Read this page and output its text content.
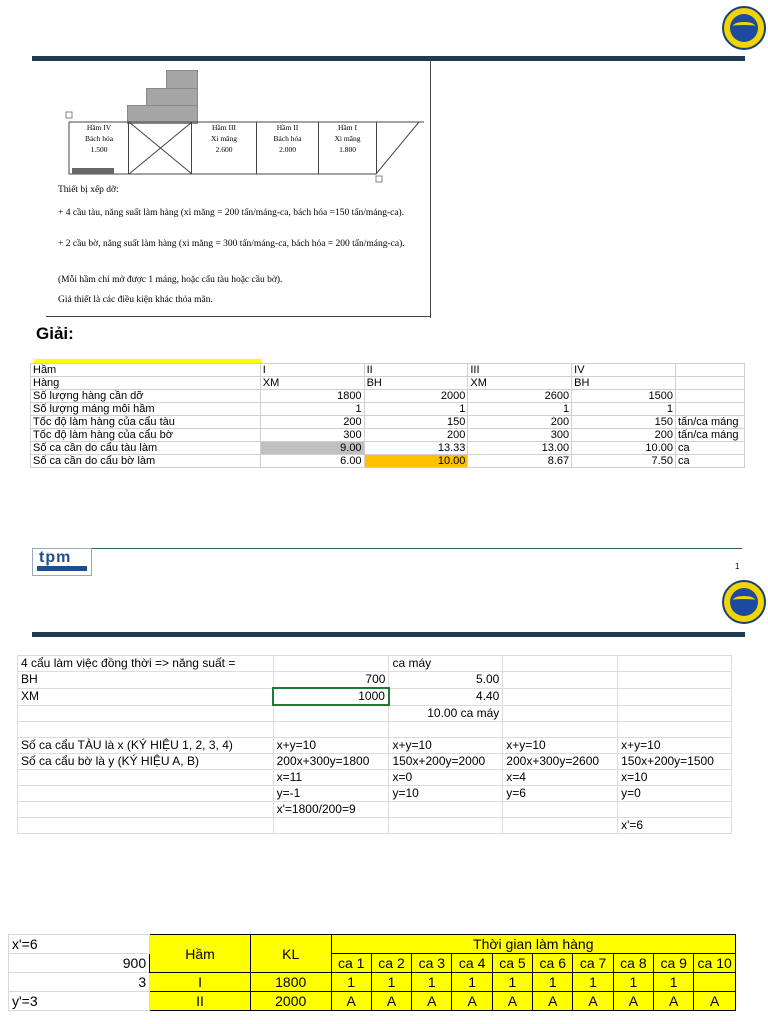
Hầm IV
Bách hóa
1.500
Hầm III
Xi măng
2.600
Hầm II
Bách hóa
2.000
Hầm I
Xi măng
1.800
Thiết bị xếp dỡ:
+ 4 cầu tàu, năng suất làm hàng (xi măng = 200 tấn/máng-ca, bách hóa =150 tấn/máng-ca).
+ 2 cầu bờ, năng suất làm hàng (xi măng = 300 tấn/máng-ca, bách hóa = 200 tấn/máng-ca).
(Mỗi hầm chỉ mở được 1 máng, hoặc cẩu tàu hoặc cầu bờ).
Giả thiết là các điều kiện khác thỏa mãn.
Giải:
Hầm	I	II	III	IV	
Hàng	XM	BH	XM	BH	
Số lượng hàng cần dỡ	1800	2000	2600	1500	
Số lượng máng mỗi hầm	1	1	1	1	
Tốc độ làm hàng của cẩu tàu	200	150	200	150	tấn/ca máng
Tốc độ làm hàng của cẩu bờ	300	200	300	200	tấn/ca máng
Số ca cần do cẩu tàu làm	9.00	13.33	13.00	10.00	ca
Số ca cần do cẩu bờ làm	6.00	10.00	8.67	7.50	ca
tpm
1
4 cẩu làm việc đồng thời => năng suất =		ca máy		
BH	700	5.00		
XM	1000	4.40		
		10.00 ca máy		

Số ca cẩu TÀU là x (KÝ HIỆU 1, 2, 3, 4)	x+y=10	x+y=10	x+y=10	x+y=10
Số ca cẩu bờ là y (KÝ HIỆU A, B)	200x+300y=1800	150x+200y=2000	200x+300y=2600	150x+200y=1500
	x=11	x=0	x=4	x=10
	y=-1	y=10	y=6	y=0
	x'=1800/200=9			
				x'=6
x'=6	Hầm	KL	Thời gian làm hàng									
900			ca 1	ca 2	ca 3	ca 4	ca 5	ca 6	ca 7	ca 8	ca 9	ca 10
3	I	1800	1	1	1	1	1	1	1	1	1	
y'=3	II	2000	A	A	A	A	A	A	A	A	A	A
